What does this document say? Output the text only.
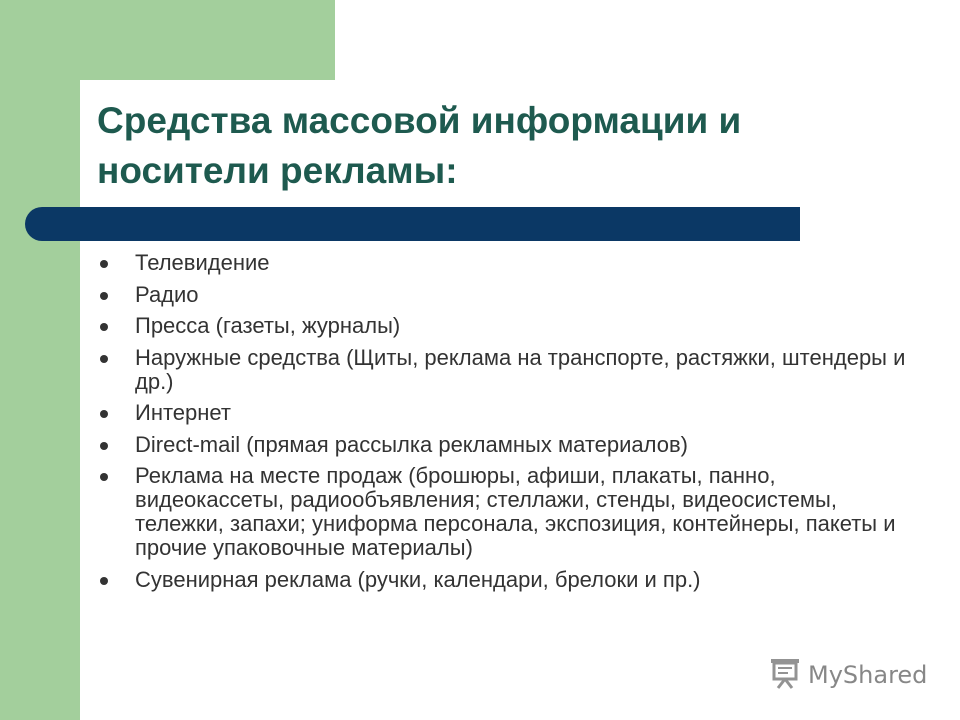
Средства массовой информации и носители рекламы:
Телевидение
Радио
Пресса (газеты, журналы)
Наружные средства (Щиты, реклама на транспорте, растяжки, штендеры и др.)
Интернет
Direct-mail (прямая рассылка рекламных материалов)
Реклама на месте продаж (брошюры, афиши, плакаты, панно, видеокассеты, радиообъявления; стеллажи, стенды, видеосистемы, тележки, запахи; униформа персонала, экспозиция, контейнеры, пакеты и прочие упаковочные материалы)
Сувенирная реклама (ручки, календари, брелоки и пр.)
MyShared
